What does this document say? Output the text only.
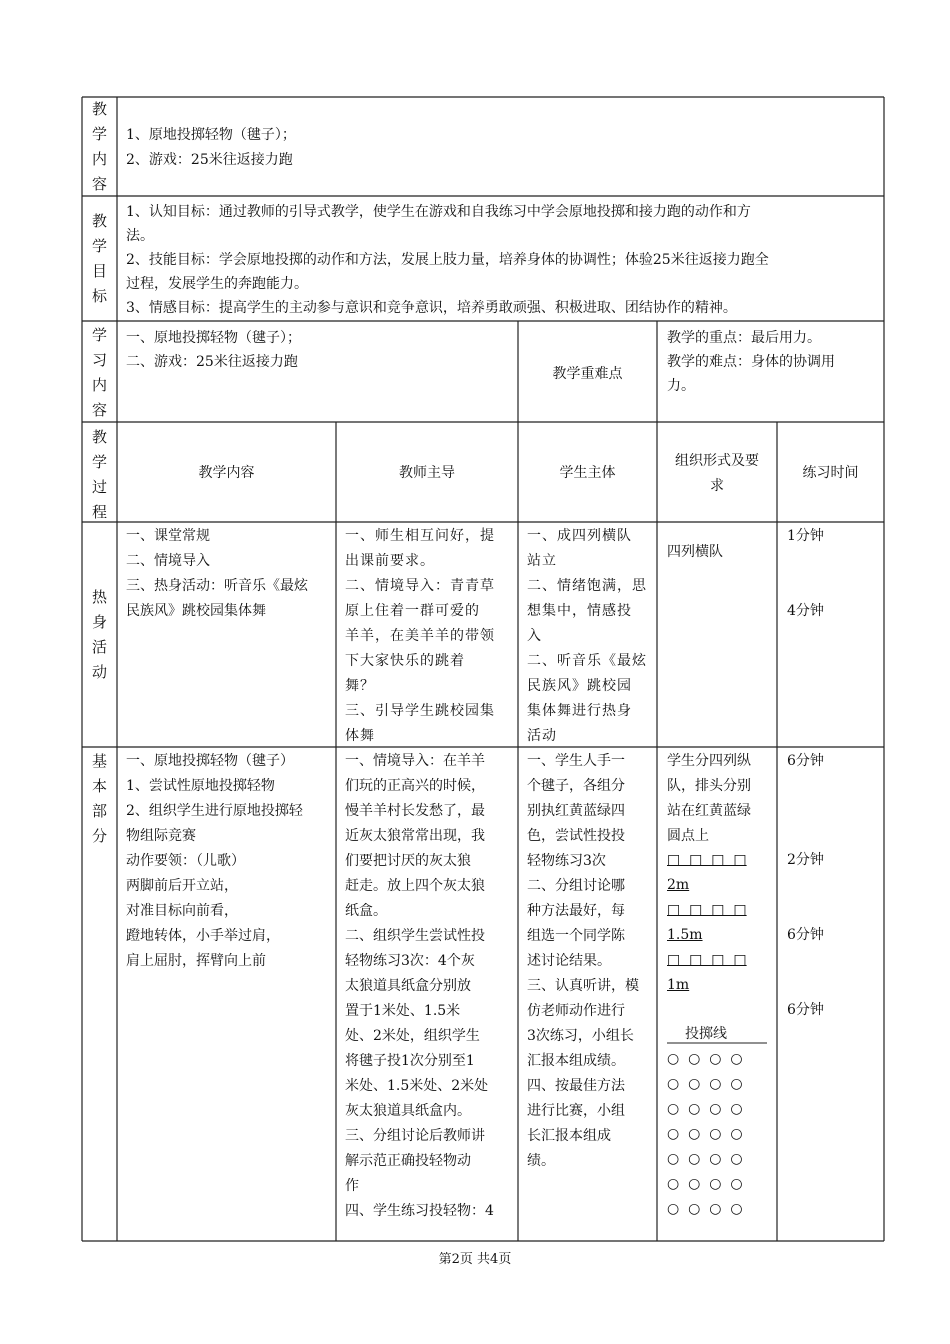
教
学
内
容
1、原地投掷轻物（毽子）；
2、游戏：25米往返接力跑
教
学
目
标
1、认知目标：通过教师的引导式教学，使学生在游戏和自我练习中学会原地投掷和接力跑的动作和方
法。
2、技能目标：学会原地投掷的动作和方法，发展上肢力量，培养身体的协调性；体验25米往返接力跑全
过程，发展学生的奔跑能力。
3、情感目标：提高学生的主动参与意识和竞争意识，培养勇敢顽强、积极进取、团结协作的精神。
学
习
内
容
一、原地投掷轻物（毽子）；
二、游戏：25米往返接力跑
教学重难点
教学的重点：最后用力。
教学的难点：身体的协调用
力。
教
学
过
程
教学内容	教师主导	学生主体
组织形式及要
求
练习时间
热
身
活
动
一、课堂常规
二、情境导入
三、热身活动：听音乐《最炫
民族风》跳校园集体舞
一、师生相互问好，提
出课前要求。
二、情境导入：青青草
原上住着一群可爱的
羊羊，在美羊羊的带领
下大家快乐的跳着
舞？
三、引导学生跳校园集
体舞
一、成四列横队
站立
二、情绪饱满，思
想集中，情感投
入
二、听音乐《最炫
民族风》跳校园
集体舞进行热身
活动
四列横队
1分钟
4分钟
基
本
部
分
一、原地投掷轻物（毽子）
1、尝试性原地投掷轻物
2、组织学生进行原地投掷轻
物组际竞赛
动作要领：（儿歌）
两脚前后开立站，
对准目标向前看，
蹬地转体，小手举过肩，
肩上屈肘，挥臂向上前
一、情境导入：在羊羊
们玩的正高兴的时候，
慢羊羊村长发愁了，最
近灰太狼常常出现，我
们要把讨厌的灰太狼
赶走。放上四个灰太狼
纸盒。
二、组织学生尝试性投
轻物练习3次：4个灰
太狼道具纸盒分别放
置于1米处、1.5米
处、2米处，组织学生
将毽子投1次分别至1
米处、1.5米处、2米处
灰太狼道具纸盒内。
三、分组讨论后教师讲
解示范正确投轻物动
作
四、学生练习投轻物：4
一、学生人手一
个毽子，各组分
别执红黄蓝绿四
色，尝试性投投
轻物练习3次
二、分组讨论哪
种方法最好，每
组选一个同学陈
述讨论结果。
三、认真听讲，模
仿老师动作进行
3次练习，小组长
汇报本组成绩。
四、按最佳方法
进行比赛，小组
长汇报本组成
绩。
学生分四列纵
队，排头分别
站在红黄蓝绿
圆点上
□  □  □  □
2m
□  □  □  □
1.5m
□  □  □  □
1m
投掷线
○  ○  ○  ○
○  ○  ○  ○
○  ○  ○  ○
○  ○  ○  ○
○  ○  ○  ○
○  ○  ○  ○
○  ○  ○  ○
6分钟
2分钟
6分钟
6分钟
第2页 共4页
